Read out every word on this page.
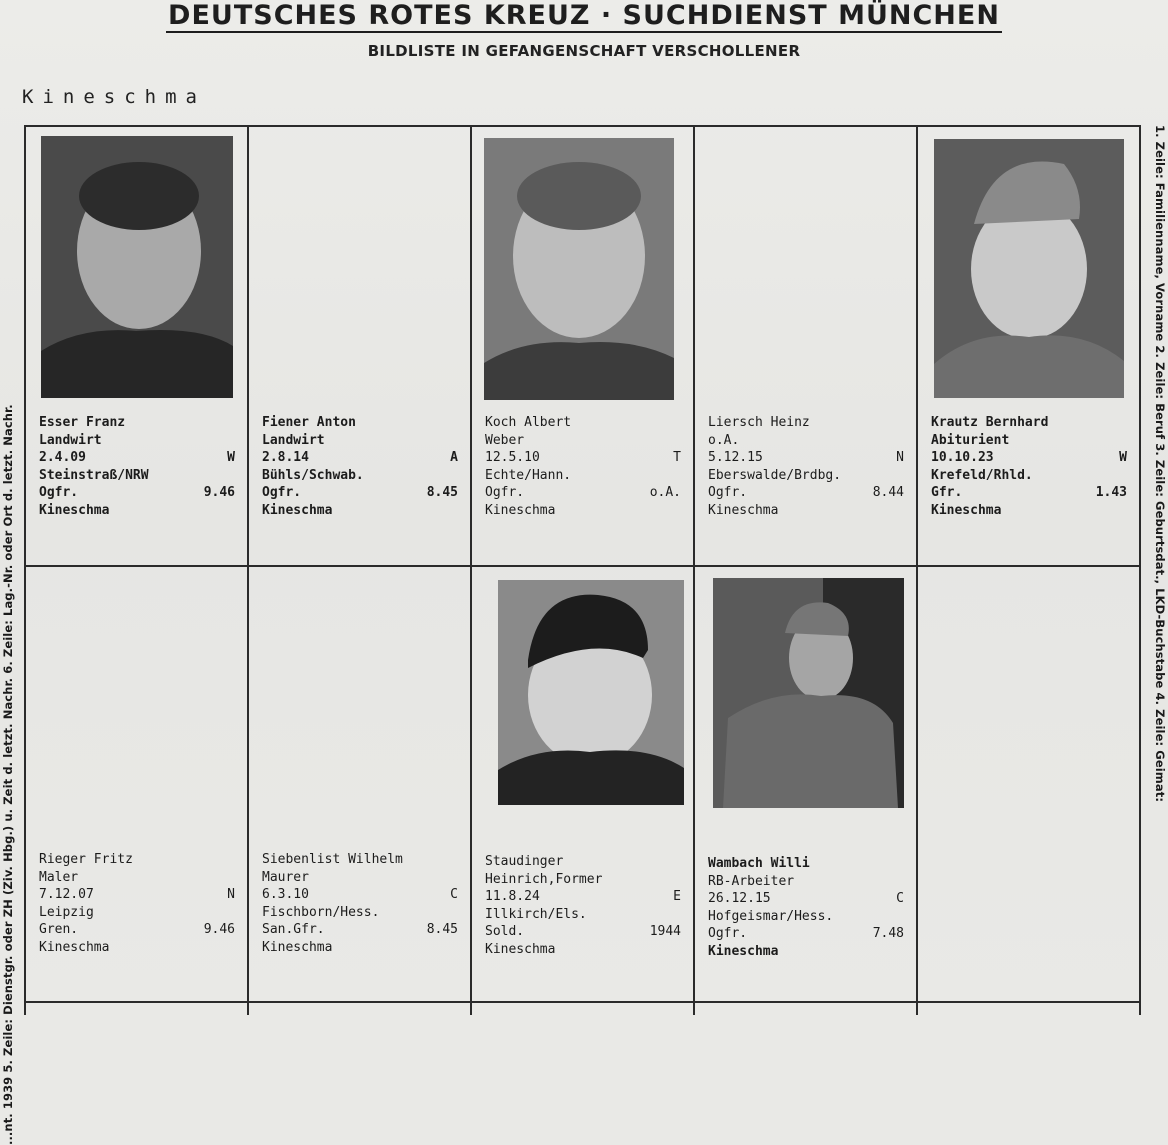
DEUTSCHES ROTES KREUZ · SUCHDIENST MÜNCHEN
BILDLISTE IN GEFANGENSCHAFT VERSCHOLLENER
Kineschma
...nt. 1939 5. Zeile: Dienstgr. oder ZH (Ziv. Hbg.) u. Zeit d. letzt. Nachr. 6. Zeile: Lag.-Nr. oder Ort d. letzt. Nachr.	1. Zeile: Familienname, Vorname 2. Zeile: Beruf 3. Zeile: Geburtsdat., LKD-Buchstabe 4. Zeile: Geimat:
Esser Franz
Landwirt
2.4.09	W
Steinstraß/NRW
Ogfr.	9.46
Kineschma
Fiener Anton
Landwirt
2.8.14	A
Bühls/Schwab.
Ogfr.	8.45
Kineschma
Koch Albert
Weber
12.5.10	T
Echte/Hann.
Ogfr.	o.A.
Kineschma
Liersch Heinz
o.A.
5.12.15	N
Eberswalde/Brdbg.
Ogfr.	8.44
Kineschma
Krautz Bernhard
Abiturient
10.10.23	W
Krefeld/Rhld.
Gfr.	1.43
Kineschma
Rieger Fritz
Maler
7.12.07	N
Leipzig
Gren.	9.46
Kineschma
Siebenlist Wilhelm
Maurer
6.3.10	C
Fischborn/Hess.
San.Gfr.	8.45
Kineschma
Staudinger
Heinrich,Former
11.8.24	E
Illkirch/Els.
Sold.	1944
Kineschma
Wambach Willi
RB-Arbeiter
26.12.15	C
Hofgeismar/Hess.
Ogfr.	7.48
Kineschma
